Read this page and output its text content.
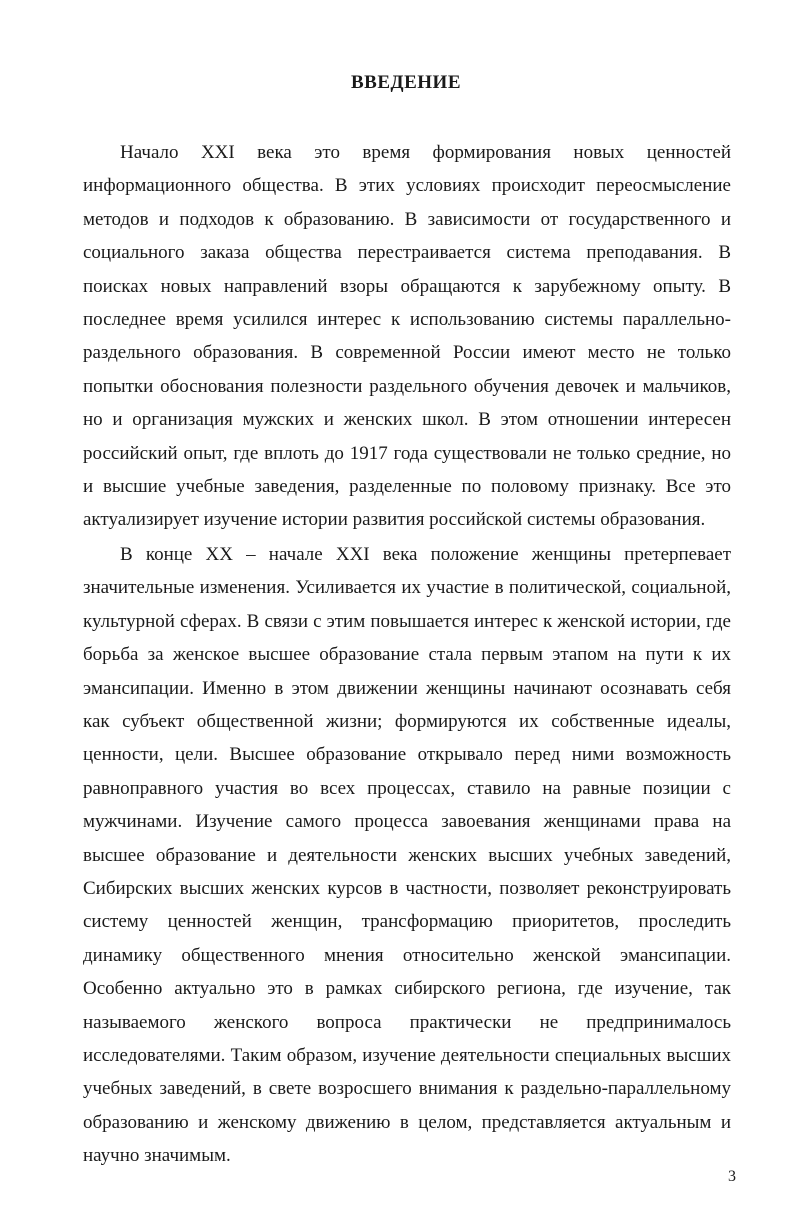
ВВЕДЕНИЕ

Начало XXI века это время формирования новых ценностей информационного общества. В этих условиях происходит переосмысление методов и подходов к образованию. В зависимости от государственного и социального заказа общества перестраивается система преподавания. В поисках новых направлений взоры обращаются к зарубежному опыту. В последнее время усилился интерес к использованию системы параллельно-раздельного образования. В современной России имеют место не только попытки обоснования полезности раздельного обучения девочек и мальчиков, но и организация мужских и женских школ. В этом отношении интересен российский опыт, где вплоть до 1917 года существовали не только средние, но и высшие учебные заведения, разделенные по половому признаку. Все это актуализирует изучение истории развития российской системы образования.

В конце XX – начале XXI века положение женщины претерпевает значительные изменения. Усиливается их участие в политической, социальной, культурной сферах. В связи с этим повышается интерес к женской истории, где борьба за женское высшее образование стала первым этапом на пути к их эмансипации. Именно в этом движении женщины начинают осознавать себя как субъект общественной жизни; формируются их собственные идеалы, ценности, цели. Высшее образование открывало перед ними возможность равноправного участия во всех процессах, ставило на равные позиции с мужчинами. Изучение самого процесса завоевания женщинами права на высшее образование и деятельности женских высших учебных заведений, Сибирских высших женских курсов в частности, позволяет реконструировать систему ценностей женщин, трансформацию приоритетов, проследить динамику общественного мнения относительно женской эмансипации. Особенно актуально это в рамках сибирского региона, где изучение, так называемого женского вопроса практически не предпринималось исследователями. Таким образом, изучение деятельности специальных высших учебных заведений, в свете возросшего внимания к раздельно-параллельному образованию и женскому движению в целом, представляется актуальным и научно значимым.

3
